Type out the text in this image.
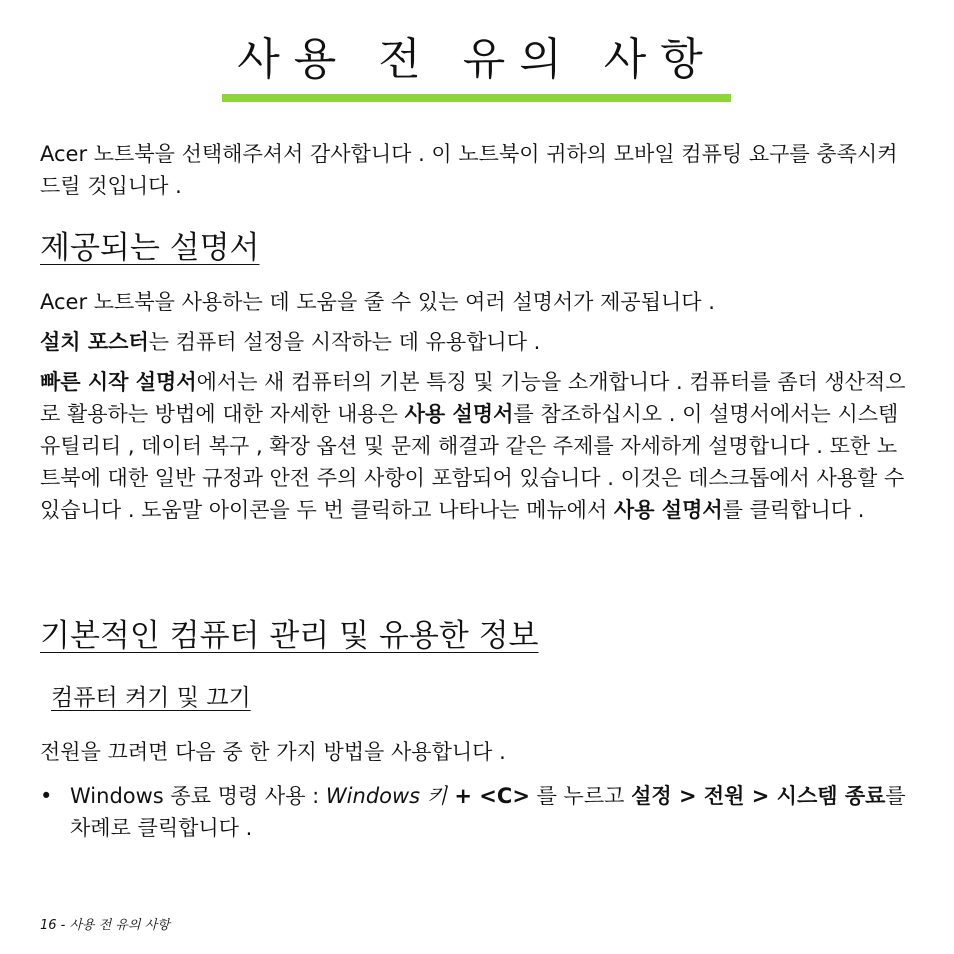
사용 전 유의 사항

Acer 노트북을 선택해주셔서 감사합니다 . 이 노트북이 귀하의 모바일 컴퓨팅 요구를 충족시켜 드릴 것입니다 .

제공되는 설명서

Acer 노트북을 사용하는 데 도움을 줄 수 있는 여러 설명서가 제공됩니다 .

설치 포스터는 컴퓨터 설정을 시작하는 데 유용합니다 .

빠른 시작 설명서에서는 새 컴퓨터의 기본 특징 및 기능을 소개합니다 . 컴퓨터를 좀더 생산적으로 활용하는 방법에 대한 자세한 내용은 사용 설명서를 참조하십시오 . 이 설명서에서는 시스템 유틸리티 , 데이터 복구 , 확장 옵션 및 문제 해결과 같은 주제를 자세하게 설명합니다 . 또한 노트북에 대한 일반 규정과 안전 주의 사항이 포함되어 있습니다 . 이것은 데스크톱에서 사용할 수 있습니다 . 도움말 아이콘을 두 번 클릭하고 나타나는 메뉴에서 사용 설명서를 클릭합니다 .

기본적인 컴퓨터 관리 및 유용한 정보
컴퓨터 켜기 및 끄기

전원을 끄려면 다음 중 한 가지 방법을 사용합니다 .

• Windows 종료 명령 사용 : Windows 키 + <C> 를 누르고 설정 > 전원 > 시스템 종료를 차례로 클릭합니다 .

16 - 사용 전 유의 사항
